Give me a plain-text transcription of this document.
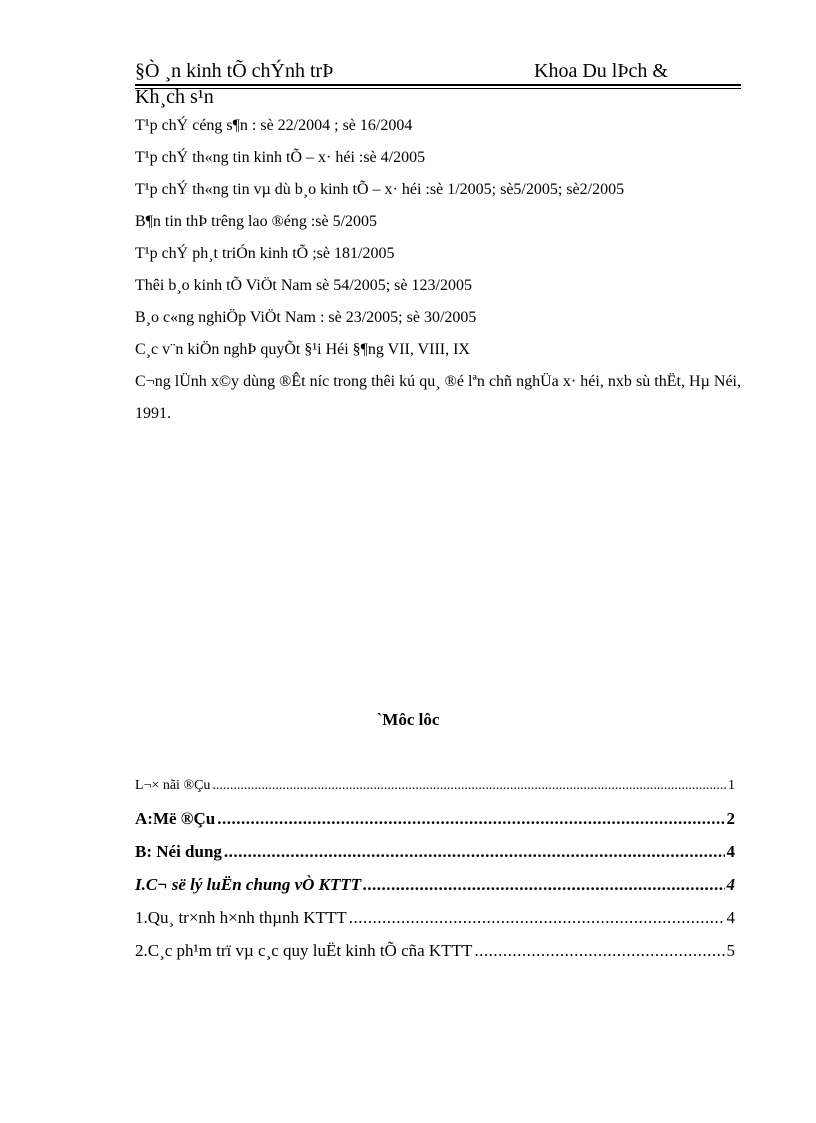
§Ò ¸n kinh tÕ chÝnh trÞ	Khoa Du lÞch &
Kh¸ch s¹n
T¹p chÝ céng s¶n : sè 22/2004 ; sè 16/2004
T¹p chÝ th«ng tin kinh tÕ – x· héi :sè 4/2005
T¹p chÝ th«ng tin vµ dù b¸o kinh tÕ – x· héi :sè 1/2005; sè5/2005; sè2/2005
B¶n tin thÞ trêng lao ®éng :sè 5/2005
T¹p chÝ ph¸t triÓn kinh tÕ ;sè 181/2005
Thêi b¸o kinh tÕ ViÖt Nam sè 54/2005; sè 123/2005
B¸o c«ng nghiÖp ViÖt Nam : sè 23/2005; sè 30/2005
C¸c v¨n kiÖn nghÞ quyÕt §¹i Héi §¶ng VII, VIII, IX
C¬ng lÜnh x©y dùng ®Êt níc trong thêi kú qu¸ ®é lªn chñ nghÜa x· héi, nxb sù thËt, Hµ Néi, 1991.
`Môc lôc
L¬× nãi ®Çu .....	1
A:Më ®Çu .....	2
B: Néi dung .....	4
I.C¬ së lý luËn chung vÒ KTTT .....	4
1.Qu¸ tr×nh h×nh thµnh KTTT .....	4
2.C¸c ph¹m trï vµ c¸c quy luËt kinh tÕ cña KTTT .....	5
